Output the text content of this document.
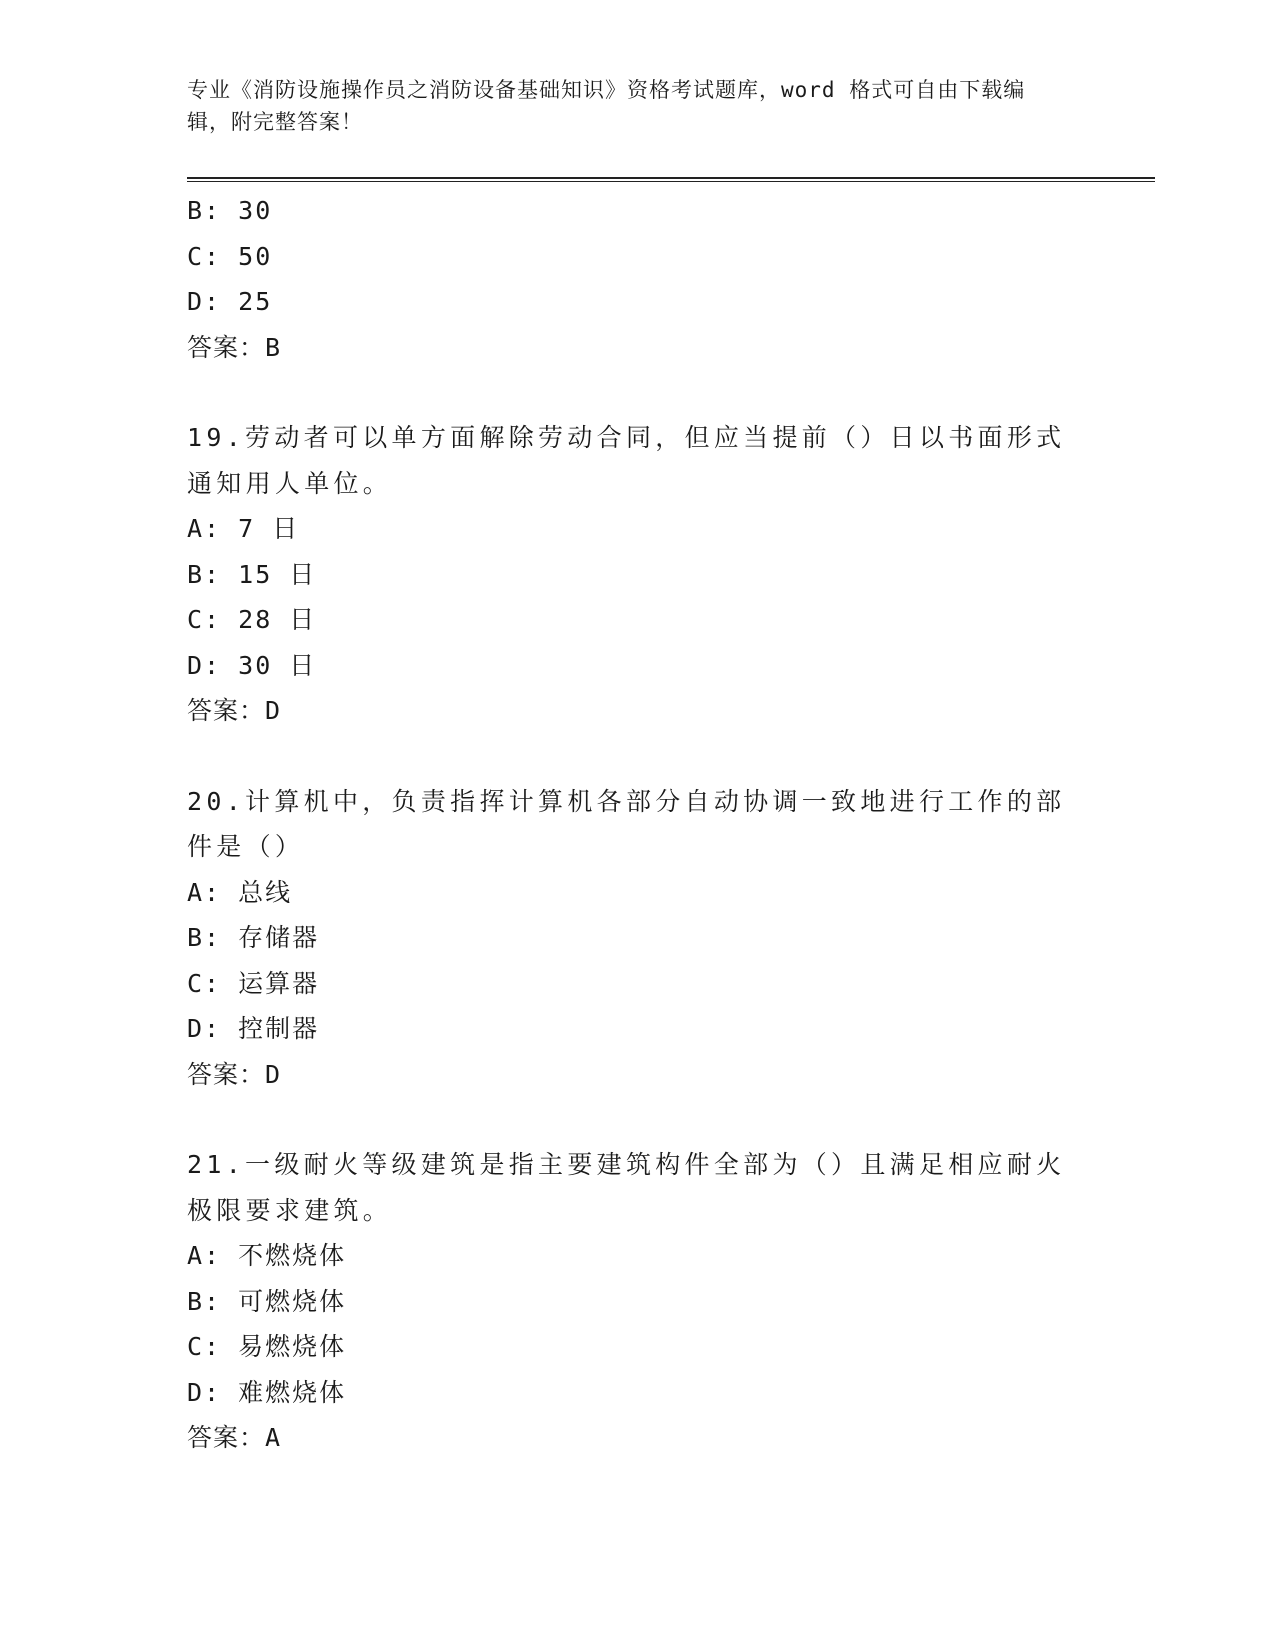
专业《消防设施操作员之消防设备基础知识》资格考试题库，word 格式可自由下载编辑，附完整答案！
B: 30
C: 50
D: 25
答案：B
19.劳动者可以单方面解除劳动合同，但应当提前（）日以书面形式通知用人单位。
A: 7 日
B: 15 日
C: 28 日
D: 30 日
答案：D
20.计算机中，负责指挥计算机各部分自动协调一致地进行工作的部件是（）
A: 总线
B: 存储器
C: 运算器
D: 控制器
答案：D
21.一级耐火等级建筑是指主要建筑构件全部为（）且满足相应耐火极限要求建筑。
A: 不燃烧体
B: 可燃烧体
C: 易燃烧体
D: 难燃烧体
答案：A
